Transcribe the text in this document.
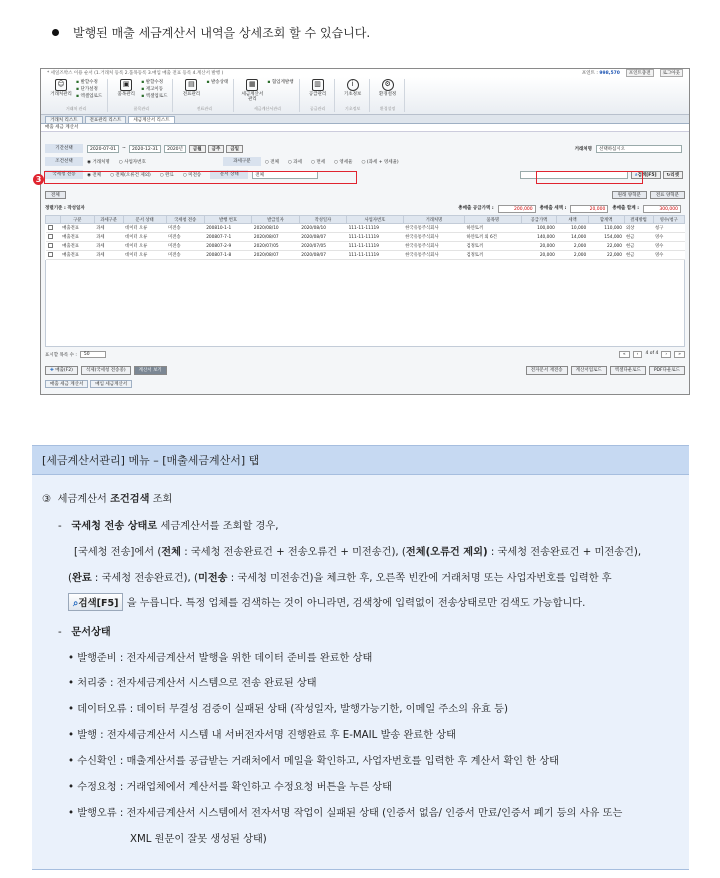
발행된 매출 세금계산서 내역을 상세조회 할 수 있습니다.
* 세일즈박스 이용 순서 (1.거래처 등록 2.품목등록 3.매입 매출 전표 등록 4.계산서 발행 )	포인트 : 998,570	포인트충전	로그아웃
☺
거래처관리
▪ 발할수정
▪ 단가설정
▪ 엑셀업로드
거래처 관리
▣
품목관리
▪ 발할수정
▪ 재고이동
▪ 엑셀업로드
품목관리
▤
전표관리
▪ 발송상태
전표관리
▦
세금계산서관리
▪ 협업계발행
세금계산서관리
▥
공급관리
공급관리
i
기초정보
기초정보
⚙
환경설정
환경설정
거래처 리스트	전표관리 리스트	세금계산서 리스트
매출 세금 계산서
기간선택	2020-07-01	~	2020-12-31	2020년	금월	금주	금일	거래처명	선택하십시오
조건선택	◉ 거래처명	○ 사업자번호	과세구분	○ 전체	○ 과세	○ 면세	○ 영세율	○ (과세 + 영세율)
국세청 전송	◉ 전체	○ 전체(오류건 제외)	○ 완료	○ 미전송	문서 상태	전체	⌕검색[F5]	↻리셋
전체	원래 양혁분	전표 양혁분
정렬기준 : 작성일자	총매출 공급가액 :	200,000	총매출 세액 :	20,000	총매출 합계 :	300,000
	구분	과세구분	문서 상태	국세청 전송	발행 번호	발급일자	작성일자	사업자번호	거래처명	품목명	공급가액	세액	합계액	결제방법	영수/청구
	매출전표	과세	데이터 오류	미전송	200810-1-1	2020/08/10	2020/08/10	111-11-11119	한국유통주식회사	하얀토끼	100,000	10,000	110,000	외상	청구
	매출전표	과세	데이터 오류	미전송	200807-7-1	2020/08/07	2020/08/07	111-11-11119	한국유통주식회사	하얀토끼 외 6건	140,000	14,000	154,000	현금	영수
	매출전표	과세	데이터 오류	미전송	200807-2-9	2020/07/05	2020/07/05	111-11-11119	한국유통주식회사	검정토끼	20,000	2,000	22,000	현금	영수
	매출전표	과세	데이터 오류	미전송	200807-1-8	2020/08/07	2020/08/07	111-11-11119	한국유통주식회사	검정토끼	20,000	2,000	22,000	현금	영수
표시할 목록 수 :	50	«	‹	4 of 4	›	»
✚ 매출(F2)	석제(국세청 전송중)	계산서 보기	전자문서 재전송	계산서업로드	엑셀다운로드	PDF다운로드
매출 세금 계산서	매입 세금계산서
3
[세금계산서관리] 메뉴 – [매출세금계산서] 탭
③ 세금계산서 조건검색 조회
-   국세청 전송 상태로 세금계산서를 조회할 경우,
[국세청 전송]에서 (전체 : 국세청 전송완료건 + 전송오류건 + 미전송건), (전체(오류건 제외) : 국세청 전송완료건 + 미전송건),
(완료 : 국세청 전송완료건), (미전송 : 국세청 미전송건)을 체크한 후, 오른쪽 빈칸에 거래처명 또는 사업자번호를 입력한 후
⌕검색[F5] 을 누릅니다. 특정 업체를 검색하는 것이 아니라면, 검색창에 입력없이 전송상태로만 검색도 가능합니다.
-   문서상태
• 발행준비 : 전자세금계산서 발행을 위한 데이터 준비를 완료한 상태
• 처리중 : 전자세금계산서 시스템으로 전송 완료된 상태
• 데이터오류 : 데이터 무결성 검증이 실패된 상태 (작성일자, 발행가능기한, 이메일 주소의 유효 등)
• 발행 : 전자세금계산서 시스템 내 서버전자서명 진행완료 후 E-MAIL 발송 완료한 상태
• 수신확인 : 매출계산서를 공급받는 거래처에서 메일을 확인하고, 사업자번호를 입력한 후 계산서 확인 한 상태
• 수정요청 : 거래업체에서 계산서를 확인하고 수정요청 버튼을 누른 상태
• 발행오류 : 전자세금계산서 시스템에서 전자서명 작업이 실패된 상태 (인증서 없음/ 인증서 만료/인증서 폐기 등의 사유 또는
XML 원문이 잘못 생성된 상태)
